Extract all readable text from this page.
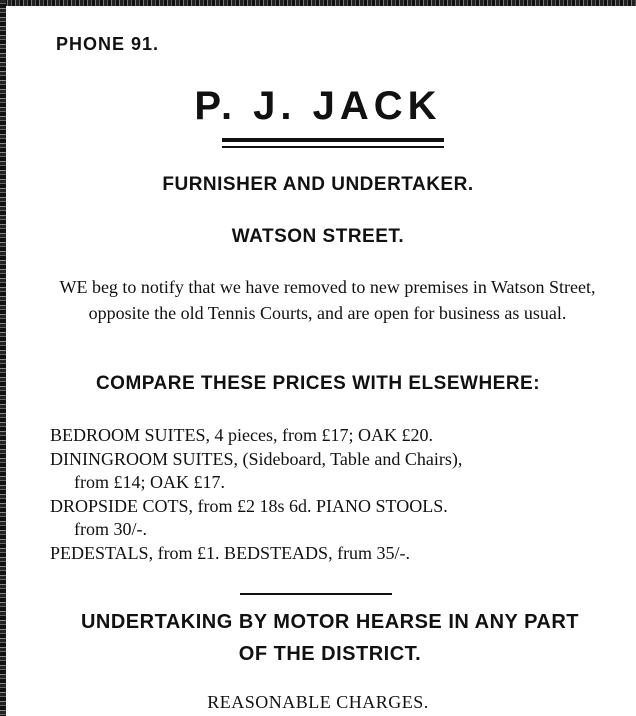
PHONE 91.
P. J. JACK
FURNISHER AND UNDERTAKER.
WATSON STREET.
WE beg to notify that we have removed to new premises in Watson Street, opposite the old Tennis Courts, and are open for business as usual.
COMPARE THESE PRICES WITH ELSEWHERE:
BEDROOM SUITES, 4 pieces, from £17; OAK £20.
DININGROOM SUITES, (Sideboard, Table and Chairs),
from £14; OAK £17.
DROPSIDE COTS, from £2 18s 6d. PIANO STOOLS.
from 30/-.
PEDESTALS, from £1. BEDSTEADS, frum 35/-.
UNDERTAKING BY MOTOR HEARSE IN ANY PART
OF THE DISTRICT.
REASONABLE CHARGES.
